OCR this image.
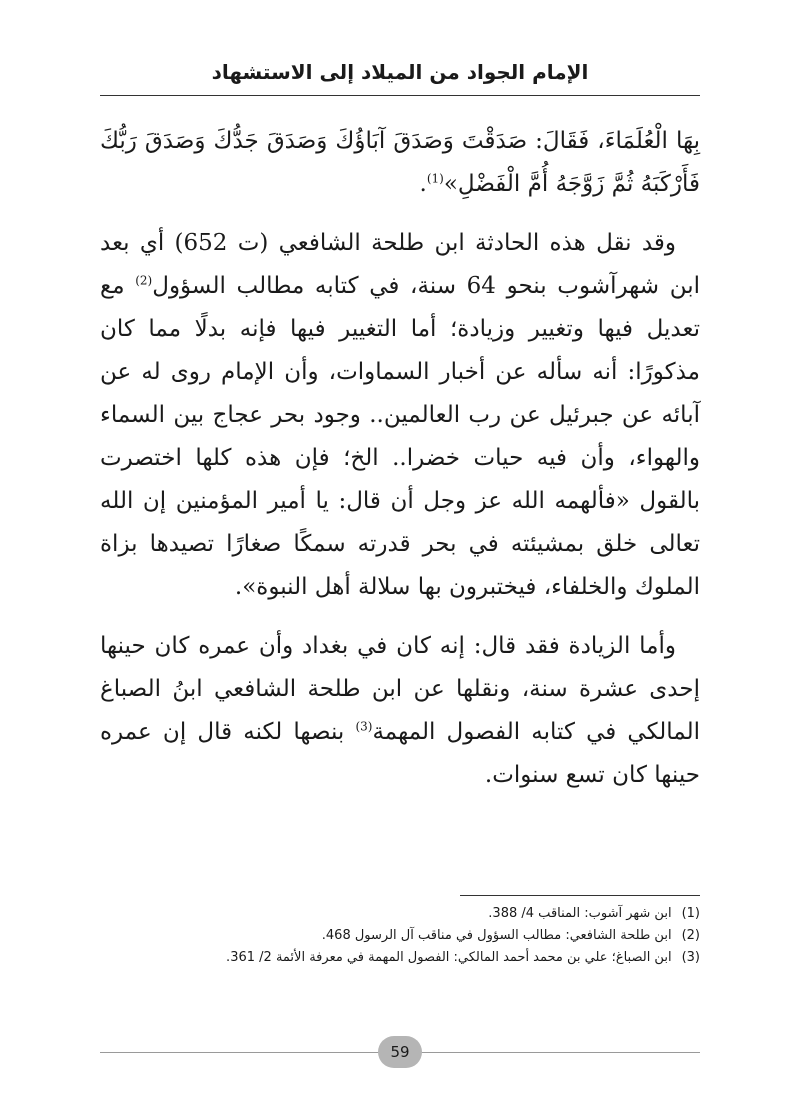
الإمام الجواد من الميلاد إلى الاستشهاد

بِهَا الْعُلَمَاءَ، فَقَالَ: صَدَقْتَ وَصَدَقَ آبَاؤُكَ وَصَدَقَ جَدُّكَ وَصَدَقَ رَبُّكَ فَأَرْكَبَهُ ثُمَّ زَوَّجَهُ أُمَّ الْفَضْلِ»$^{(1)}$.

وقد نقل هذه الحادثة ابن طلحة الشافعي (ت 652) أي بعد ابن شهرآشوب بنحو 64 سنة، في كتابه مطالب السؤول$^{(2)}$ مع تعديل فيها وتغيير وزيادة؛ أما التغيير فيها فإنه بدلًا مما كان مذكورًا: أنه سأله عن أخبار السماوات، وأن الإمام روى له عن آبائه عن جبرئيل عن رب العالمين.. وجود بحر عجاج بين السماء والهواء، وأن فيه حيات خضرا.. الخ؛ فإن هذه كلها اختصرت بالقول «فألهمه الله عز وجل أن قال: يا أمير المؤمنين إن الله تعالى خلق بمشيئته في بحر قدرته سمكًا صغارًا تصيدها بزاة الملوك والخلفاء، فيختبرون بها سلالة أهل النبوة».

وأما الزيادة فقد قال: إنه كان في بغداد وأن عمره كان حينها إحدى عشرة سنة، ونقلها عن ابن طلحة الشافعي ابنُ الصباغ المالكي في كتابه الفصول المهمة$^{(3)}$ بنصها لكنه قال إن عمره حينها كان تسع سنوات.

(1)
ابن شهر آشوب: المناقب 4/ 388.
(2)
ابن طلحة الشافعي: مطالب السؤول في مناقب آل الرسول 468.
(3)
ابن الصباغ؛ علي بن محمد أحمد المالكي: الفصول المهمة في معرفة الأئمة 2/ 361.
59
